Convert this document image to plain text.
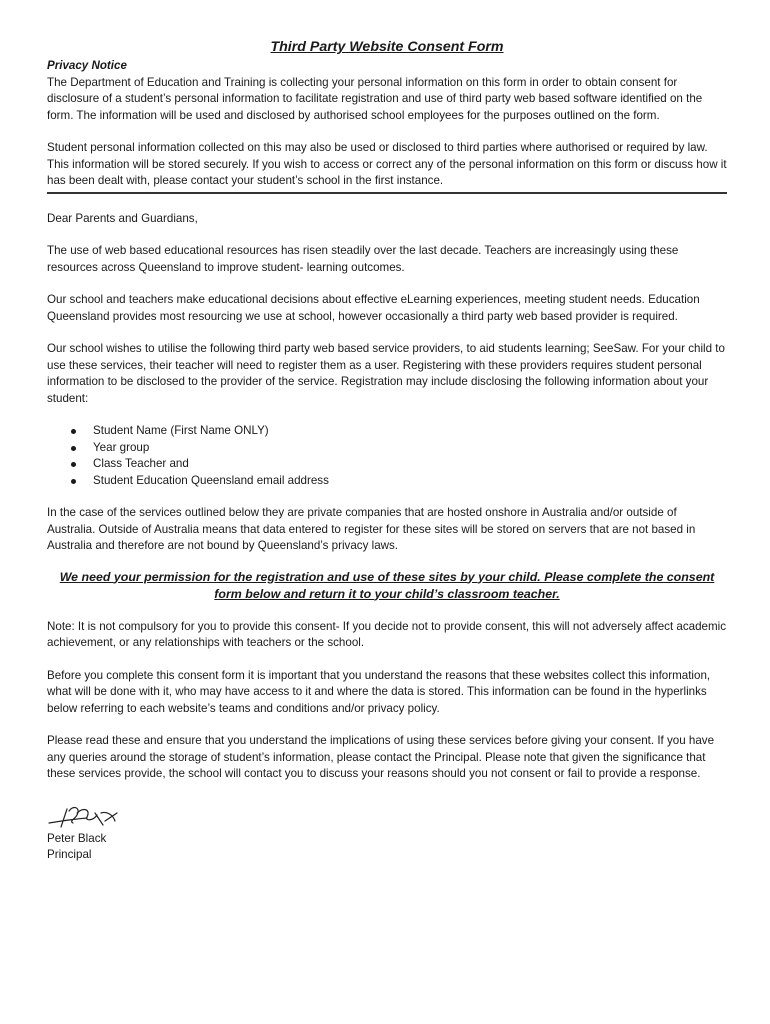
Third Party Website Consent Form
Privacy Notice

The Department of Education and Training is collecting your personal information on this form in order to obtain consent for disclosure of a student’s personal information to facilitate registration and use of third party web based software identified on the form. The information will be used and disclosed by authorised school employees for the purposes outlined on the form.

Student personal information collected on this may also be used or disclosed to third parties where authorised or required by law. This information will be stored securely. If you wish to access or correct any of the personal information on this form or discuss how it has been dealt with, please contact your student’s school in the first instance.

Dear Parents and Guardians,

The use of web based educational resources has risen steadily over the last decade. Teachers are increasingly using these resources across Queensland to improve student- learning outcomes.

Our school and teachers make educational decisions about effective eLearning experiences, meeting student needs. Education Queensland provides most resourcing we use at school, however occasionally a third party web based provider is required.

Our school wishes to utilise the following third party web based service providers, to aid students learning; SeeSaw. For your child to use these services, their teacher will need to register them as a user. Registering with these providers requires student personal information to be disclosed to the provider of the service. Registration may include disclosing the following information about your student:

Student Name (First Name ONLY)
Year group
Class Teacher and
Student Education Queensland email address

In the case of the services outlined below they are private companies that are hosted onshore in Australia and/or outside of Australia. Outside of Australia means that data entered to register for these sites will be stored on servers that are not based in Australia and therefore are not bound by Queensland’s privacy laws.

We need your permission for the registration and use of these sites by your child. Please complete the consent form below and return it to your child’s classroom teacher.

Note: It is not compulsory for you to provide this consent- If you decide not to provide consent, this will not adversely affect academic achievement, or any relationships with teachers or the school.

Before you complete this consent form it is important that you understand the reasons that these websites collect this information, what will be done with it, who may have access to it and where the data is stored. This information can be found in the hyperlinks below referring to each website’s teams and conditions and/or privacy policy.

Please read these and ensure that you understand the implications of using these services before giving your consent. If you have any queries around the storage of student’s information, please contact the Principal. Please note that given the significance that these services provide, the school will contact you to discuss your reasons should you not consent or fail to provide a response.

Peter Black

Principal
